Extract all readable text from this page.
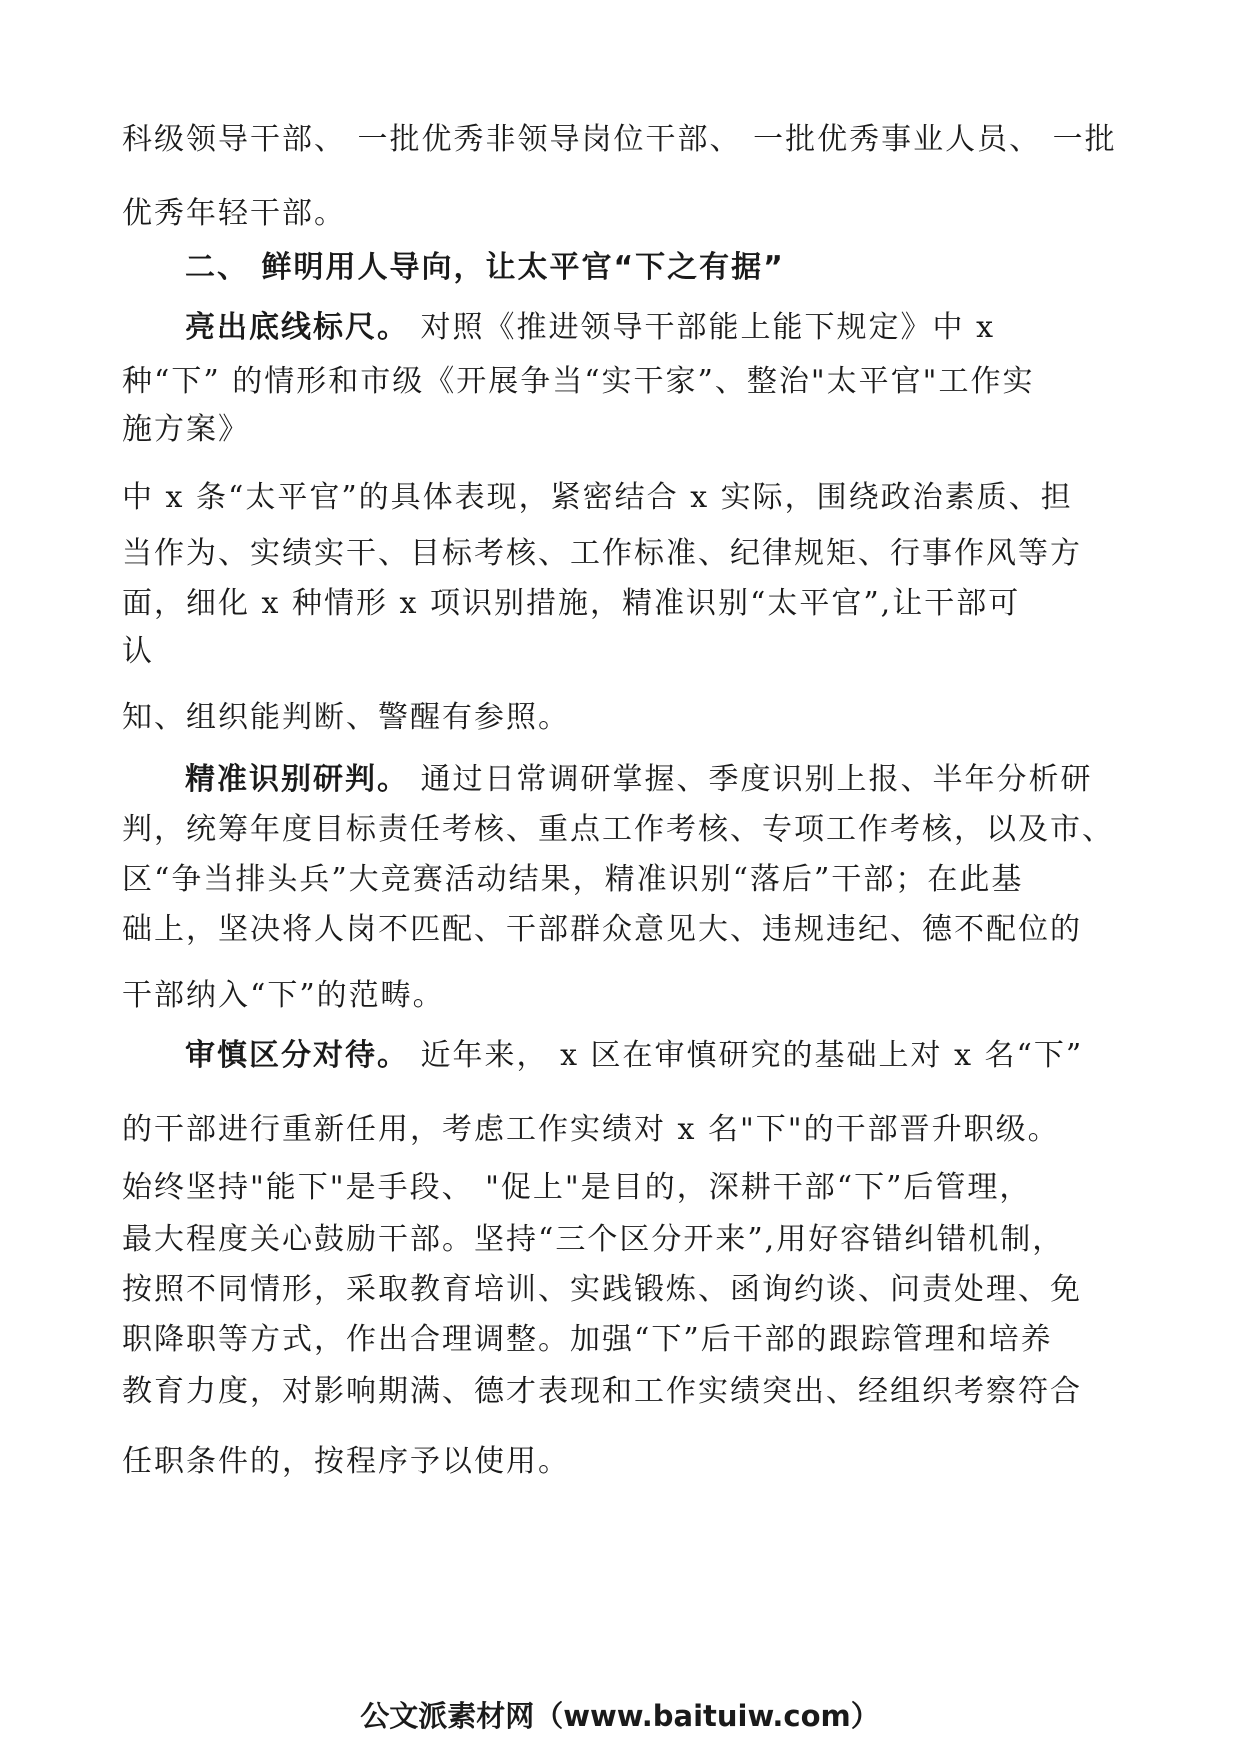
科级领导干部、 一批优秀非领导岗位干部、 一批优秀事业人员、 一批

优秀年轻干部。

二、 鲜明用人导向，让太平官“下之有据”

亮出底线标尺。 对照《推进领导干部能上能下规定》中 x

种“下” 的情形和市级《开展争当“实干家”、整治"太平官"工作实

施方案》

中 x 条“太平官”的具体表现，紧密结合 x 实际，围绕政治素质、担

当作为、实绩实干、目标考核、工作标准、纪律规矩、行事作风等方

面，细化 x 种情形 x 项识别措施，精准识别“太平官”,让干部可

认

知、组织能判断、警醒有参照。

精准识别研判。 通过日常调研掌握、季度识别上报、半年分析研

判，统筹年度目标责任考核、重点工作考核、专项工作考核，以及市、

区“争当排头兵”大竞赛活动结果，精准识别“落后”干部；在此基

础上，坚决将人岗不匹配、干部群众意见大、违规违纪、德不配位的

干部纳入“下”的范畴。

审慎区分对待。 近年来， x 区在审慎研究的基础上对 x 名“下”

的干部进行重新任用，考虑工作实绩对 x 名"下"的干部晋升职级。

始终坚持"能下"是手段、 "促上"是目的，深耕干部“下”后管理，

最大程度关心鼓励干部。坚持“三个区分开来”,用好容错纠错机制，

按照不同情形，采取教育培训、实践锻炼、函询约谈、问责处理、免

职降职等方式，作出合理调整。加强“下”后干部的跟踪管理和培养

教育力度，对影响期满、德才表现和工作实绩突出、经组织考察符合

任职条件的，按程序予以使用。

公文派素材网（www.baituiw.com）
